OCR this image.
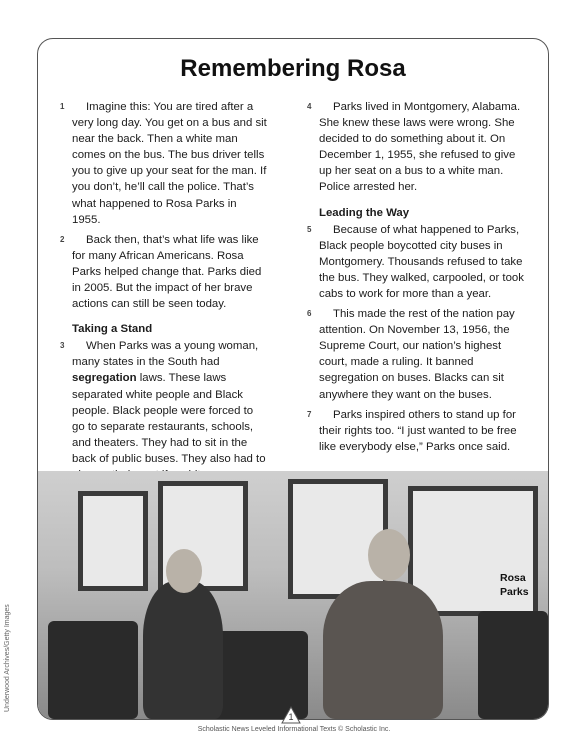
Remembering Rosa

1 Imagine this: You are tired after a very long day. You get on a bus and sit near the back. Then a white man comes on the bus. The bus driver tells you to give up your seat for the man. If you don’t, he’ll call the police. That’s what happened to Rosa Parks in 1955.

2 Back then, that’s what life was like for many African Americans. Rosa Parks helped change that. Parks died in 2005. But the impact of her brave actions can still be seen today.

Taking a Stand

3 When Parks was a young woman, many states in the South had segregation laws. These laws separated white people and Black people. Black people were forced to go to separate restaurants, schools, and theaters. They had to sit in the back of public buses. They also had to

4 Parks lived in Montgomery, Alabama. She knew these laws were wrong. She decided to do something about it. On December 1, 1955, she refused to give up her seat on a bus to a white man. Police arrested her.

Leading the Way

5 Because of what happened to Parks, Black people boycotted city buses in Montgomery. Thousands refused to take the bus. They walked, carpooled, or took cabs to work for more than a year.

6 This made the rest of the nation pay attention. On November 13, 1956, the Supreme Court, our nation’s highest court, made a ruling. It banned segregation on buses. Blacks can sit anywhere they want on the buses.

7 Parks inspired others to stand up for their rights too. “I just wanted to be free like everybody else,” Parks once said.

Rosa
Parks
Underwood Archives/Getty Images
1
Scholastic News Leveled Informational Texts © Scholastic Inc.
